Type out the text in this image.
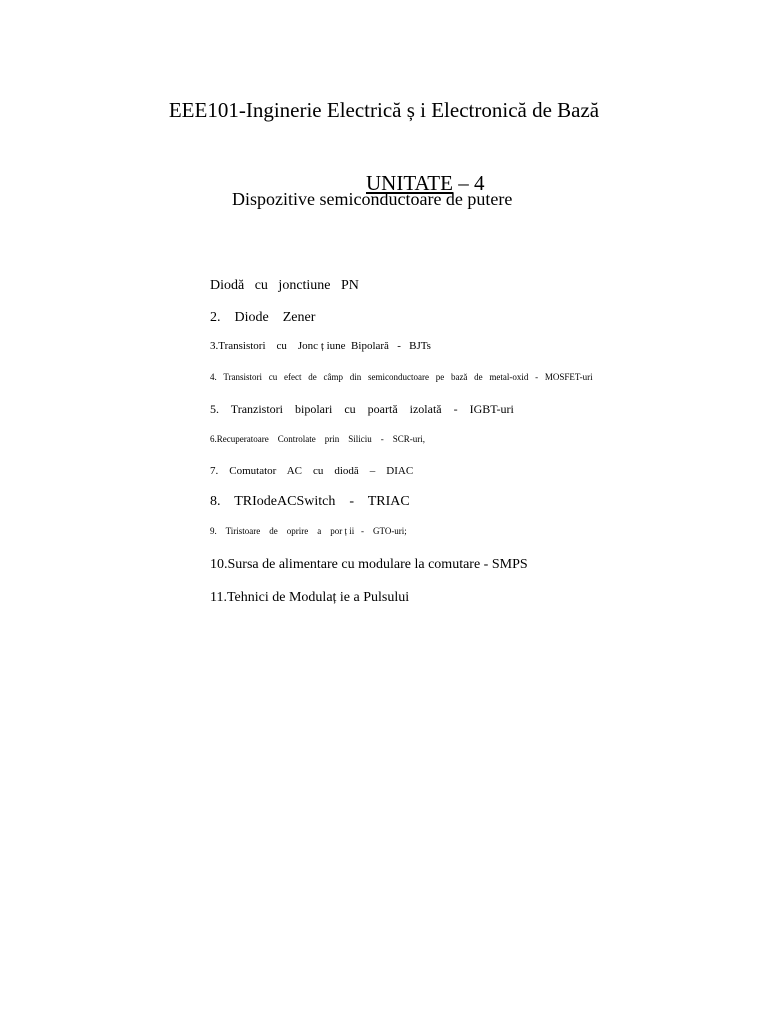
EEE101-Inginerie Electrică ș i Electronică de Bază

UNITATE – 4

Dispozitive semiconductoare de putere
Diodă   cu   jonctiune   PN
2.    Diode    Zener
3.Transistori    cu    Jonc ț iune  Bipolară   -   BJTs
4.   Transistori   cu   efect   de   câmp   din   semiconductoare   pe   bază   de   metal-oxid   -   MOSFET-uri
5.    Tranzistori    bipolari    cu    poartă    izolată    -    IGBT-uri
6.Recuperatoare    Controlate    prin    Siliciu    -    SCR-uri,
7.    Comutator    AC    cu    diodă    –    DIAC
8.    TRIodeACSwitch    -    TRIAC
9.    Tiristoare    de    oprire    a    por ț ii   -    GTO-uri;
10.Sursa de alimentare cu modulare la comutare - SMPS
11.Tehnici de Modulaț ie a Pulsului
